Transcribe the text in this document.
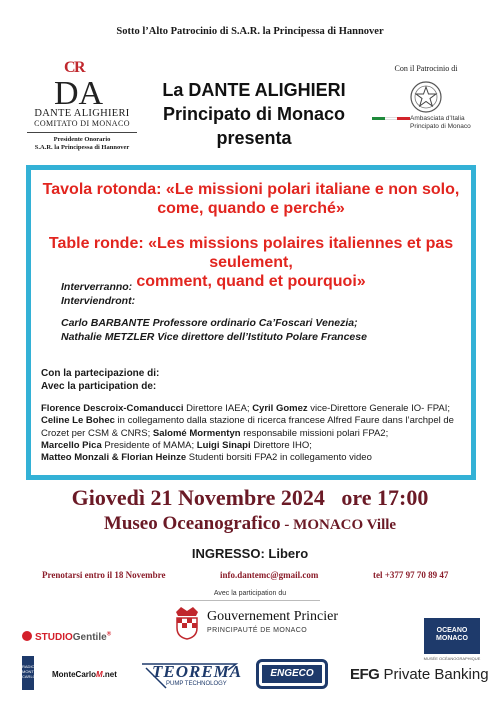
Sotto l’Alto Patrocinio di S.A.R. la Principessa di Hannover
C
R
DA
DANTE ALIGHIERI
COMITATO DI MONACO
Presidente Onorario
S.A.R. la Principessa di Hannover
La DANTE ALIGHIERI
Principato di Monaco
presenta
Con il Patrocinio di
Ambasciata d’Italia
Principato di Monaco
Tavola rotonda: «Le missioni polari italiane e non solo,
come, quando e perché»
Table ronde: «Les missions polaires italiennes et pas seulement,
comment, quand et pourquoi»
Interverranno:
Interviendront:
Carlo BARBANTE Professore ordinario Ca’Foscari Venezia;
Nathalie METZLER Vice direttore dell’Istituto Polare Francese
Con la partecipazione di:
Avec la participation de:
Florence Descroix-Comanducci Direttore IAEA; Cyril Gomez vice-Direttore Generale IO- FPAI;
Celine Le Bohec in collegamento dalla stazione di ricerca francese Alfred Faure dans l’archpel de Crozet per CSM & CNRS; Salomé Mormentyn responsabile missioni polari FPA2;
Marcello Pica Presidente of MAMA; Luigi Sinapi Direttore IHO;
Matteo Monzali & Florian Heinze Studenti borsiti FPA2 in collegamento video
Giovedì 21 Novembre 2024   ore 17:00
Museo Oceanografico - MONACO Ville
INGRESSO: Libero
Prenotarsi entro il 18 Novembre	info.dantemc@gmail.com	tel +377 97 70 89 47
Avec la participation du
Gouvernement Princier
PRINCIPAUTÉ DE MONACO
STUDIOGentile®
OCEANO
MONACO
MUSÉE OCÉANOGRAPHIQUE
RADIO
MONTE
CARLO MonteCarloM.net TEOREMA
PUMP TECHNOLOGY
ENGECO	EFG Private Banking
